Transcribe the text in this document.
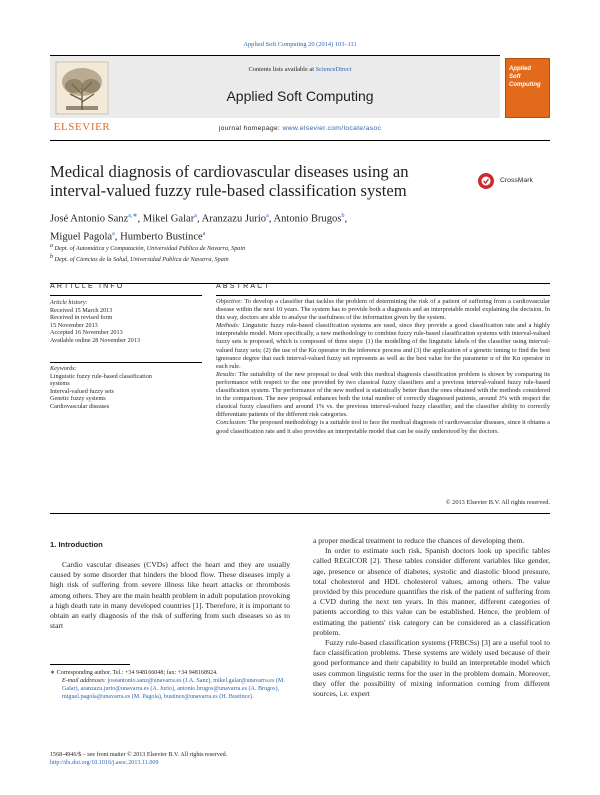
Applied Soft Computing 20 (2014) 103–111
ELSEVIER
Contents lists available at ScienceDirect
Applied Soft Computing
journal homepage: www.elsevier.com/locate/asoc
Applied
Soft
Computing
Medical diagnosis of cardiovascular diseases using an interval-valued fuzzy rule-based classification system	CrossMark
José Antonio Sanz$^{a,∗}$, Mikel Galar$^a$, Aranzazu Jurio$^a$, Antonio Brugos$^b$,
Miguel Pagola$^a$, Humberto Bustince$^a$
$^a$ Dept. of Automática y Computación, Universidad Publica de Navarra, Spain
$^b$ Dept. of Ciencias de la Salud, Universidad Publica de Navarra, Spain
ARTICLE INFO	ABSTRACT
Article history:
Received 15 March 2013
Received in revised form
15 November 2013
Accepted 16 November 2013
Available online 28 November 2013
Keywords:
Linguistic fuzzy rule-based classification
systems
Interval-valued fuzzy sets
Genetic fuzzy systems
Cardiovascular diseases

Objective: To develop a classifier that tackles the problem of determining the risk of a patient of suffering from a cardiovascular disease within the next 10 years. The system has to provide both a diagnosis and an interpretable model explaining the decision. In this way, doctors are able to analyse the usefulness of the information given by the system.

Methods: Linguistic fuzzy rule-based classification systems are used, since they provide a good classification rate and a highly interpretable model. More specifically, a new methodology to combine fuzzy rule-based classification systems with interval-valued fuzzy sets is proposed, which is composed of three steps: (1) the modelling of the linguistic labels of the classifier using interval-valued fuzzy sets; (2) the use of the Kα operator in the inference process and (3) the application of a genetic tuning to find the best ignorance degree that each interval-valued fuzzy set represents as well as the best value for the parameter α of the Kα operator in each rule.

Results: The suitability of the new proposal to deal with this medical diagnosis classification problem is shown by comparing its performance with respect to the one provided by two classical fuzzy classifiers and a previous interval-valued fuzzy rule-based classification system. The performance of the new method is statistically better than the ones obtained with the methods considered in the comparison. The new proposal enhances both the total number of correctly diagnosed patients, around 3% with respect the classical fuzzy classifiers and around 1% vs. the previous interval-valued fuzzy classifier, and the classifier ability to correctly differentiate patients of the different risk categories.

Conclusion: The proposed methodology is a suitable tool to face the medical diagnosis of cardiovascular diseases, since it obtains a good classification rate and it also provides an interpretable model that can be easily understood by the doctors.

© 2013 Elsevier B.V. All rights reserved.
1. Introduction
Cardio vascular diseases (CVDs) affect the heart and they are usually caused by some disorder that hinders the blood flow. These diseases imply a high risk of suffering from severe illness like heart attacks or thrombosis among others. They are the main health problem in adult population provoking a high death rate in many developed countries [1]. Therefore, it is important to obtain an early diagnosis of the risk of suffering from such diseases so as to start
a proper medical treatment to reduce the chances of developing them.
In order to estimate such risk, Spanish doctors look up specific tables called REGICOR [2]. These tables consider different variables like gender, age, presence or absence of diabetes, systolic and diastolic blood pressure, total cholesterol and HDL cholesterol values, among others. The value provided by this procedure quantifies the risk of the patient of suffering from a CVD during the next ten years. In this manner, different categories of patients according to this value can be established. Hence, the problem of estimating the patients' risk category can be considered as a classification problem.
Fuzzy rule-based classification systems (FRBCSs) [3] are a useful tool to face classification problems. These systems are widely used because of their good performance and their capability to build an interpretable model which uses common linguistic terms for the user in the problem domain. Moreover, they offer the possibility of mixing information coming from different sources, i.e. expert
∗ Corresponding author. Tel.: +34 948166048; fax: +34 948168924.
E-mail addresses: joseantonio.sanz@unavarra.es (J.A. Sanz), mikel.galar@unavarra.es (M. Galar), aranzazu.jurio@unavarra.es (A. Jurio), antonio.brugos@unavarra.es (A. Brugos), miguel.pagola@unavarra.es (M. Pagola), bustince@unavarra.es (H. Bustince).
1568-4946/$ – see front matter © 2013 Elsevier B.V. All rights reserved.
http://dx.doi.org/10.1016/j.asoc.2013.11.009
